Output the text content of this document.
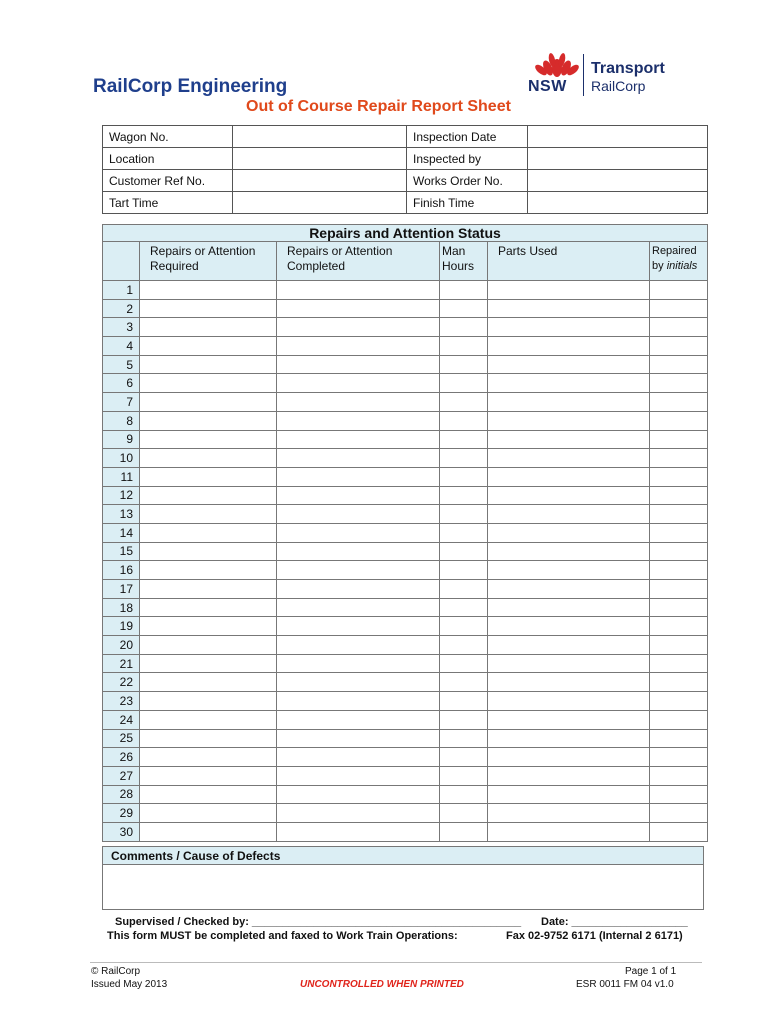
RailCorp Engineering
Out of Course Repair Report Sheet
NSW
Transport
RailCorp
Wagon No.		Inspection Date	
Location		Inspected by	
Customer Ref No.		Works Order No.	
Tart Time		Finish Time	
Repairs and Attention Status					
	Repairs or Attention Required	Repairs or Attention Completed	Man Hours	Parts Used	Repaired
by initials
1					
2					
3					
4					
5					
6					
7					
8					
9					
10					
11					
12					
13					
14					
15					
16					
17					
18					
19					
20					
21					
22					
23					
24					
25					
26					
27					
28					
29					
30					
Comments / Cause of Defects

Supervised / Checked by: ____________________________________________ Date: ___________________
This form MUST be completed and faxed to Work Train Operations:	Fax 02-9752 6171 (Internal 2 6171)
© RailCorp
Issued May 2013	UNCONTROLLED WHEN PRINTED
Page 1 of 1
ESR 0011 FM 04 v1.0
